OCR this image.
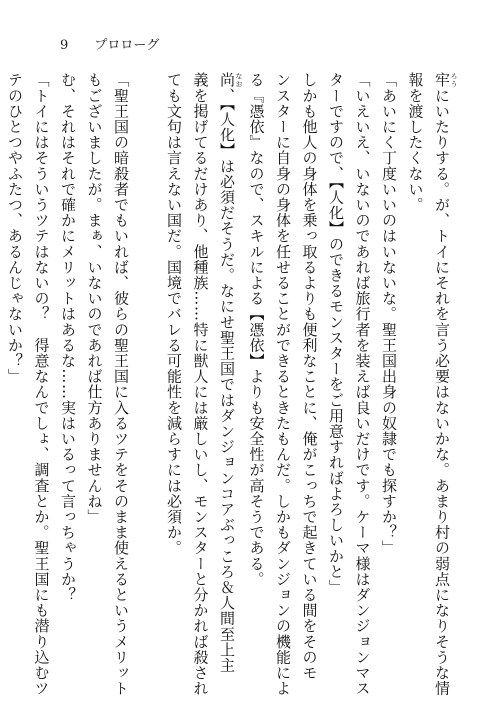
9 プロローグ
牢 ろうにいたりする。が、トイにそれを言う必要はないかな。あまり村の弱点になりそうな情
報を渡したくない。
「あいにく丁度いいのはいないな。聖王国出身の奴隷でも探すか？」
「いえいえ、いないのであれば旅行者を装えば良いだけです。ケーマ様はダンジョンマス
ターですので、【人化】のできるモンスターをご用意すればよろしいかと」
しかも他人の身体を乗っ取るよりも便利なことに、俺がこっちで起きている間をそのモ
ンスターに自身の身体を任せることができるときたもんだ。しかもダンジョンの機能によ
る『憑依』なので、スキルによる【憑依】よりも安全性が高そうである。
尚 なお、【人化】は必須だそうだ。なにせ聖王国ではダンジョンコアぶっころ＆人間至上主
義を掲げてるだけあり、他種族……特に獣人には厳しいし、モンスターと分かれば殺され
ても文句は言えない国だ。国境でバレる可能性を減らすには必須か。

「聖王国の暗殺者でもいれば、彼らの聖王国に入るツテをそのまま使えるというメリット
もございましたが。まぁ、いないのであれば仕方ありませんね」
む、それはそれで確かにメリットはあるな……実はいるって言っちゃうか？
「トイにはそういうツテはないの？　得意なんでしょ、調査とか。聖王国にも潜り込むツ
テのひとつやふたつ、あるんじゃないか？」
